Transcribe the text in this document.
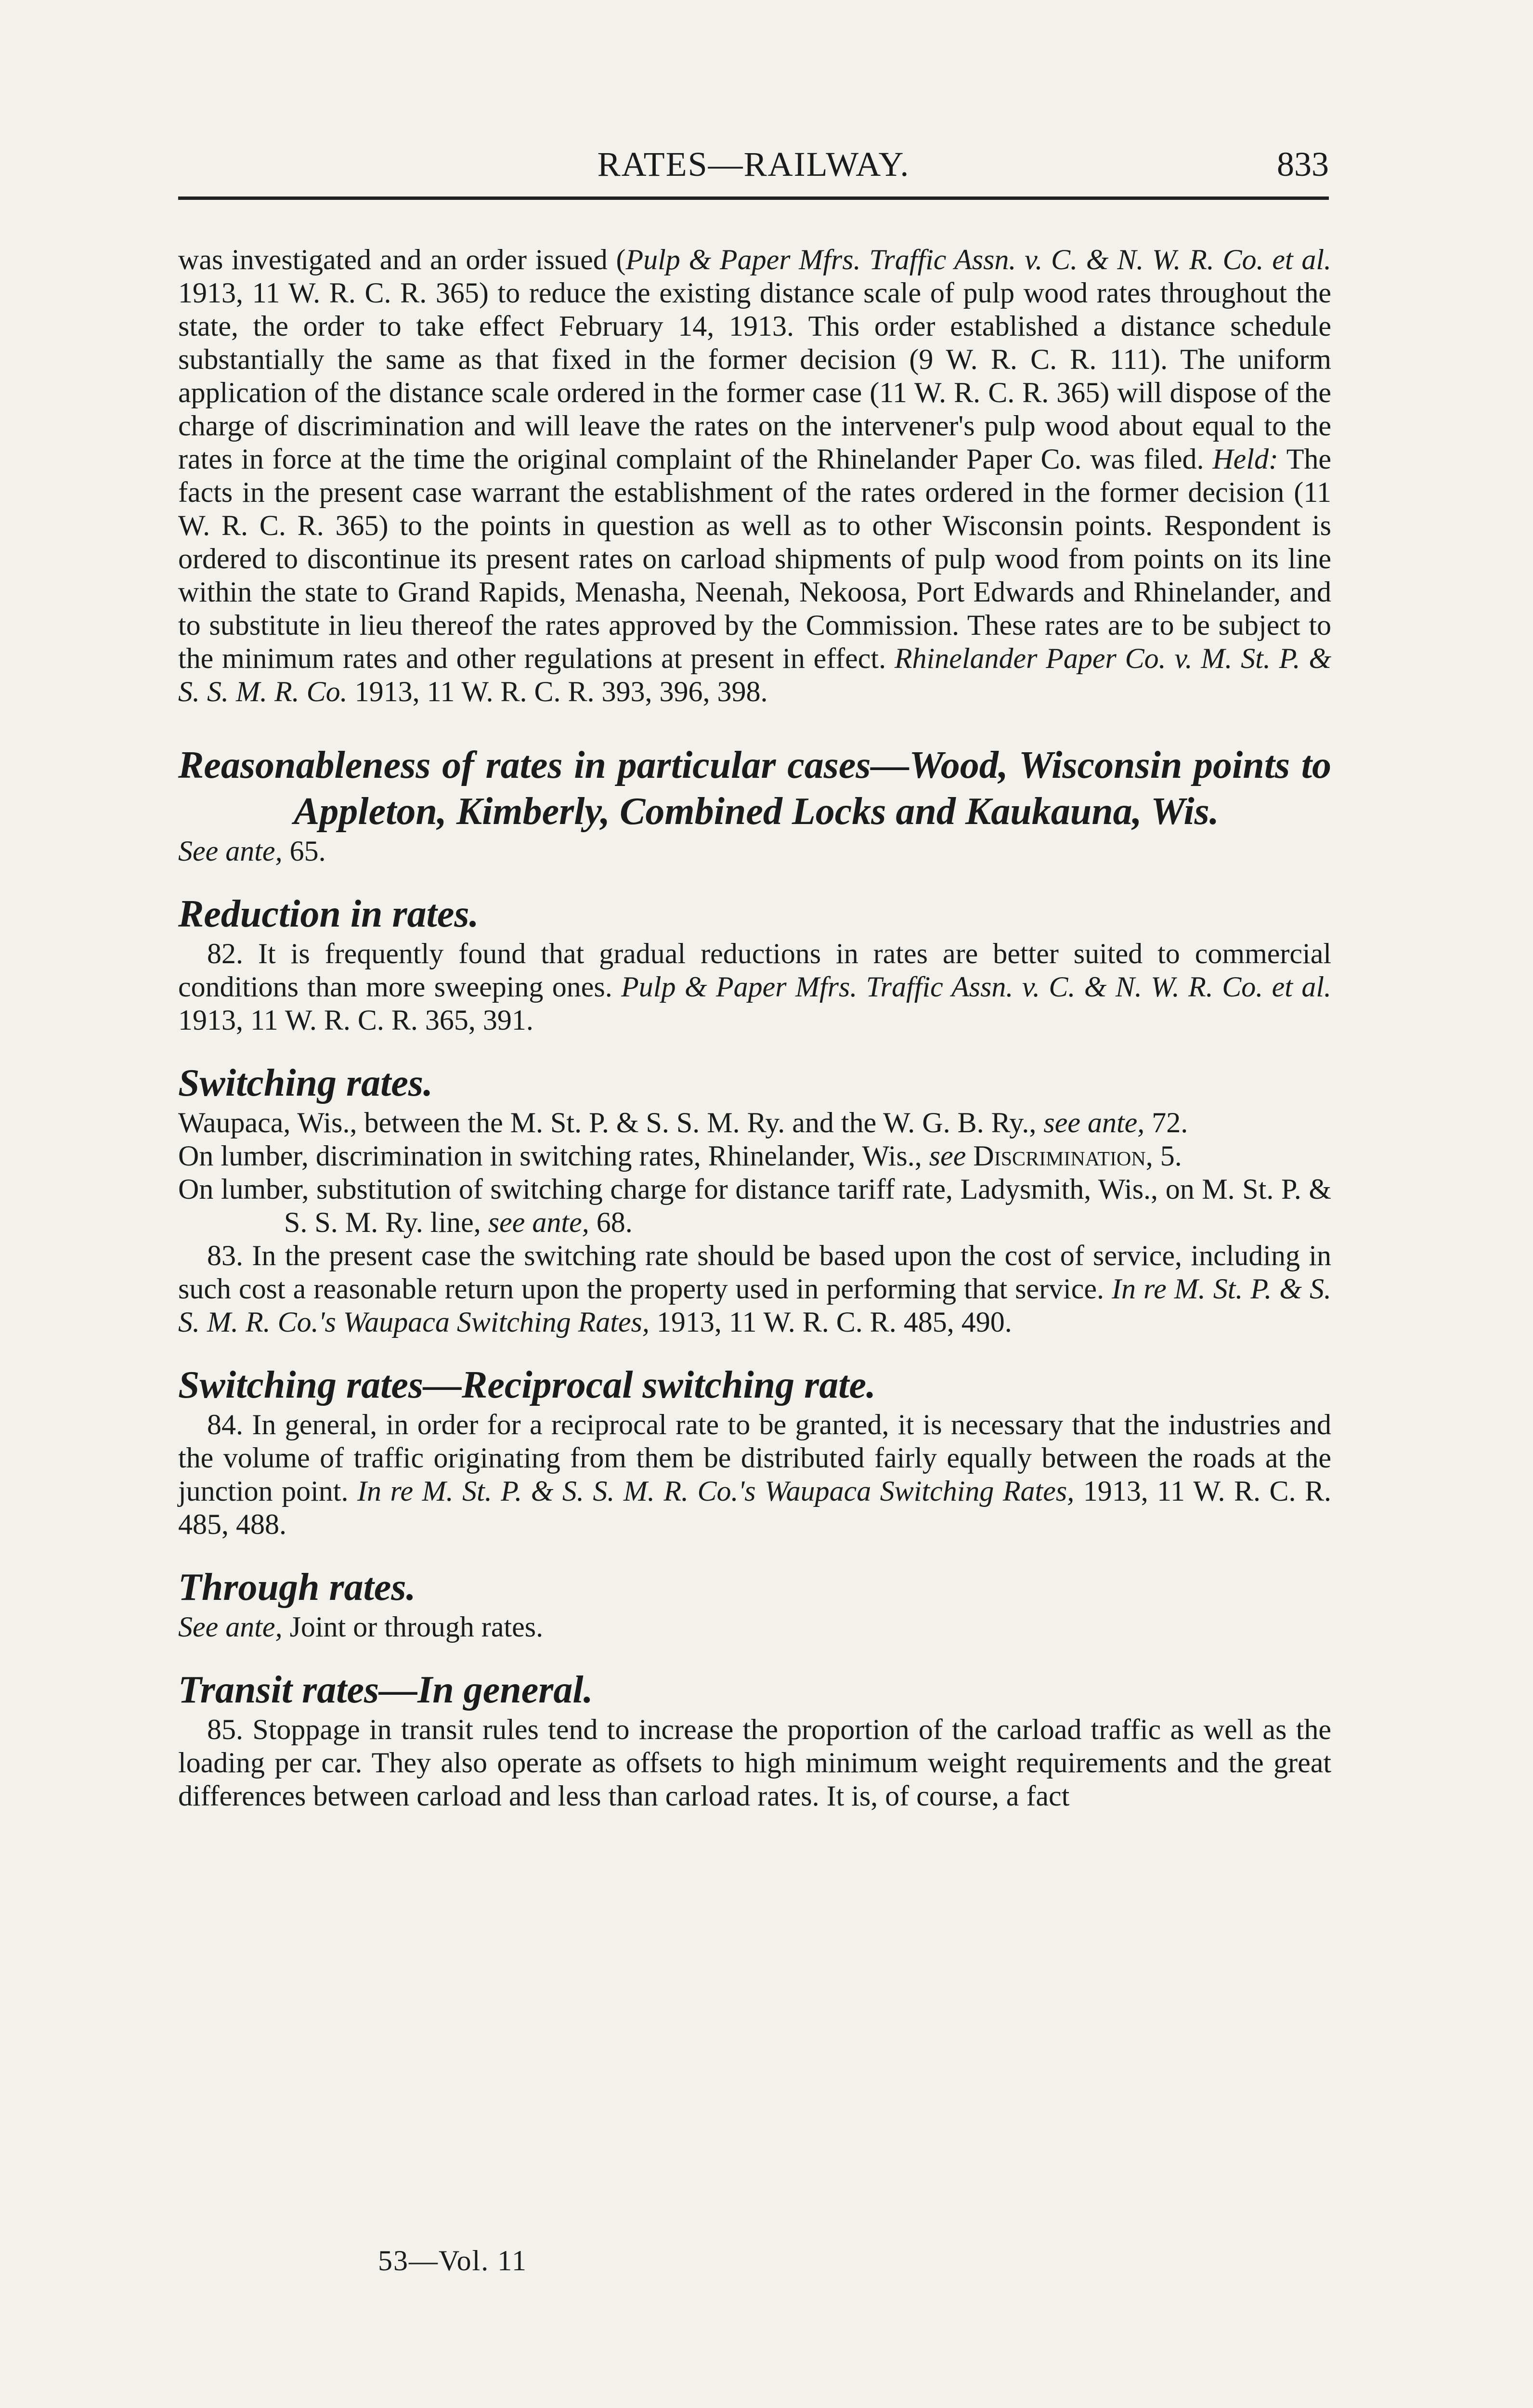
RATES—RAILWAY.	833

was investigated and an order issued (Pulp & Paper Mfrs. Traffic Assn. v. C. & N. W. R. Co. et al. 1913, 11 W. R. C. R. 365) to reduce the existing distance scale of pulp wood rates throughout the state, the order to take effect February 14, 1913. This order established a distance schedule substantially the same as that fixed in the former decision (9 W. R. C. R. 111). The uniform application of the distance scale ordered in the former case (11 W. R. C. R. 365) will dispose of the charge of discrimination and will leave the rates on the intervener's pulp wood about equal to the rates in force at the time the original complaint of the Rhinelander Paper Co. was filed. Held: The facts in the present case warrant the establishment of the rates ordered in the former decision (11 W. R. C. R. 365) to the points in question as well as to other Wisconsin points. Respondent is ordered to discontinue its present rates on carload shipments of pulp wood from points on its line within the state to Grand Rapids, Menasha, Neenah, Nekoosa, Port Edwards and Rhinelander, and to substitute in lieu thereof the rates approved by the Commission. These rates are to be subject to the minimum rates and other regulations at present in effect. Rhinelander Paper Co. v. M. St. P. & S. S. M. R. Co. 1913, 11 W. R. C. R. 393, 396, 398.

Reasonableness of rates in particular cases—Wood, Wisconsin points to Appleton, Kimberly, Combined Locks and Kaukauna, Wis.

See ante, 65.

Reduction in rates.

82. It is frequently found that gradual reductions in rates are better suited to commercial conditions than more sweeping ones. Pulp & Paper Mfrs. Traffic Assn. v. C. & N. W. R. Co. et al. 1913, 11 W. R. C. R. 365, 391.

Switching rates.

Waupaca, Wis., between the M. St. P. & S. S. M. Ry. and the W. G. B. Ry., see ante, 72.

On lumber, discrimination in switching rates, Rhinelander, Wis., see Discrimination, 5.

On lumber, substitution of switching charge for distance tariff rate, Ladysmith, Wis., on M. St. P. & S. S. M. Ry. line, see ante, 68.

83. In the present case the switching rate should be based upon the cost of service, including in such cost a reasonable return upon the property used in performing that service. In re M. St. P. & S. S. M. R. Co.'s Waupaca Switching Rates, 1913, 11 W. R. C. R. 485, 490.

Switching rates—Reciprocal switching rate.

84. In general, in order for a reciprocal rate to be granted, it is necessary that the industries and the volume of traffic originating from them be distributed fairly equally between the roads at the junction point. In re M. St. P. & S. S. M. R. Co.'s Waupaca Switching Rates, 1913, 11 W. R. C. R. 485, 488.

Through rates.

See ante, Joint or through rates.

Transit rates—In general.

85. Stoppage in transit rules tend to increase the proportion of the carload traffic as well as the loading per car. They also operate as offsets to high minimum weight requirements and the great differences between carload and less than carload rates. It is, of course, a fact

53—Vol. 11
